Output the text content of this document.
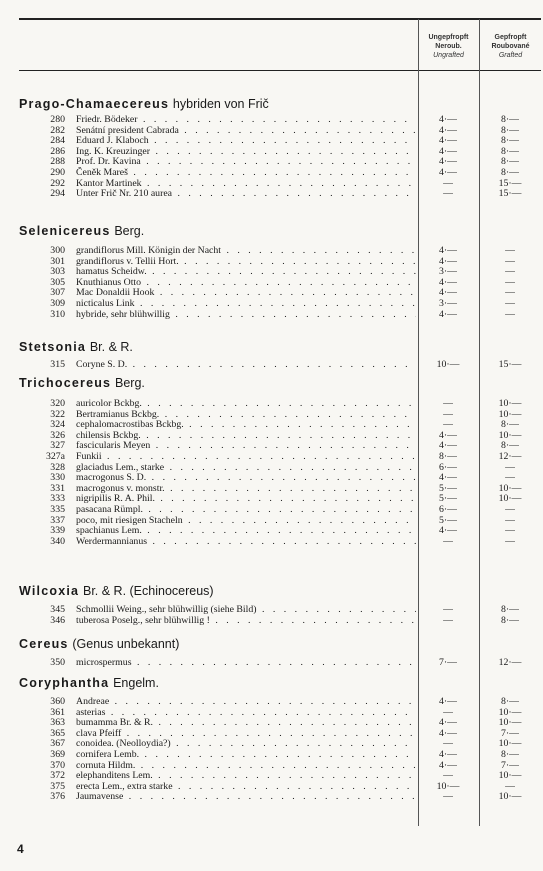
Ungepfropft
Neroub.
Ungrafted
Gepfropft
Roubované
Grafted
Prago-Chamaecereus hybriden von Frič
280 Friedr. Bödeker . . .	4·—	8·—
282 Senátní president Cabrada . . .	4·—	8·—
284 Eduard J. Klaboch . . .	4·—	8·—
286 Ing. K. Kreuzinger . . .	4·—	8·—
288 Prof. Dr. Kavina . . .	4·—	8·—
290 Čeněk Mareš . . .	4·—	8·—
292 Kantor Martinek . . .	—	15·—
294 Unter Frič Nr. 210 aurea . . .	—	15·—
Selenicereus Berg.
300 grandiflorus Mill. Königin der Nacht . . .	4·—	—
301 grandiflorus v. Tellii Hort. . . .	4·—	—
303 hamatus Scheidw. . . .	3·—	—
305 Knuthianus Otto . . .	4·—	—
307 Mac Donaldii Hook . . .	4·—	—
309 nicticalus Link . . .	3·—	—
310 hybride, sehr blühwillig . . .	4·—	—
Stetsonia Br. & R.
315 Coryne S. D. . . .	10·—	15·—
Trichocereus Berg.
320 auricolor Bckbg. . . .	—	10·—
322 Bertramianus Bckbg. . . .	—	10·—
324 cephalomacrostibas Bckbg. . . .	—	8·—
326 chilensis Bckbg. . . .	4·—	10·—
327 fascicularis Meyen . . .	4·—	8·—
327a Funkii . . .	8·—	12·—
328 glaciadus Lem., starke . . .	6·—	—
330 macrogonus S. D. . . .	4·—	—
331 macrogonus v. monstr. . . .	5·—	10·—
333 nigripilis R. A. Phil. . . .	5·—	10·—
335 pasacana Rümpl. . . .	6·—	—
337 poco, mit riesigen Stacheln . . .	5·—	—
339 spachianus Lem. . . .	4·—	—
340 Werdermannianus . . .	—	—
Wilcoxia Br. & R. (Echinocereus)
345 Schmollii Weing., sehr blühwillig (siehe Bild) . . .	—	8·—
346 tuberosa Poselg., sehr blühwillig ! . . .	—	8·—
Cereus (Genus unbekannt)
350 microspermus . . .	7·—	12·—
Coryphantha Engelm.
360 Andreae . . .	4·—	8·—
361 asterias . . .	—	10·—
363 bumamma Br. & R. . . .	4·—	10·—
365 clava Pfeiff . . .	4·—	7·—
367 conoidea. (Neolloydia?) . . .	—	10·—
369 cornifera Lemb. . . .	4·—	8·—
370 cornuta Hildm. . . .	4·—	7·—
372 elephanditens Lem. . . .	—	10·—
375 erecta Lem., extra starke . . .	10·—	—
376 Jaumavense . . .	—	10·—
4
